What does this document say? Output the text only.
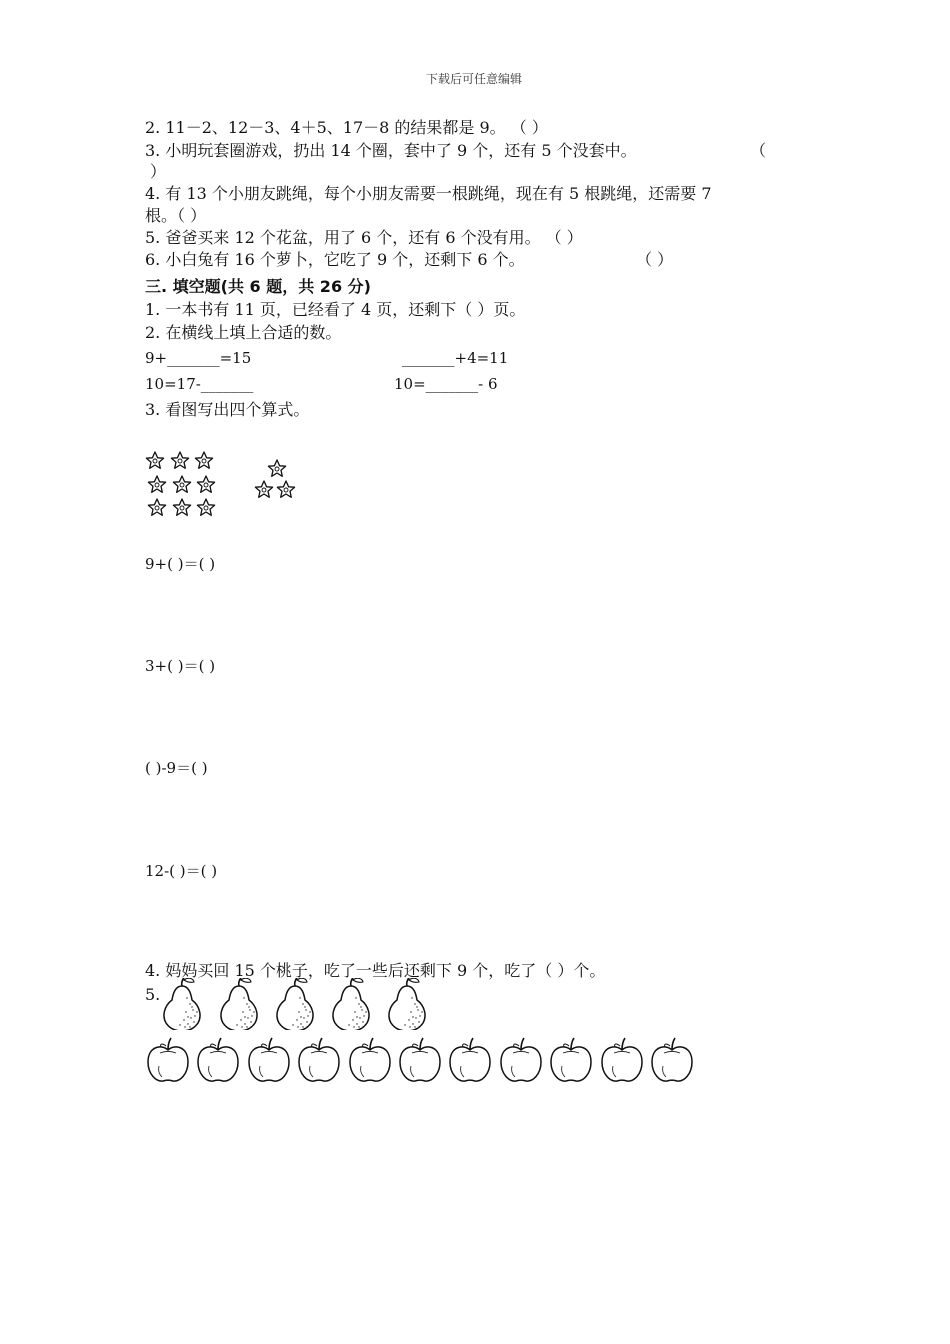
下载后可任意编辑
2. 11－2、12－3、4＋5、17－8 的结果都是 9。 （ ）
3. 小明玩套圈游戏，扔出 14 个圈，套中了 9 个，还有 5 个没套中。	（
）
4. 有 13 个小朋友跳绳，每个小朋友需要一根跳绳，现在有 5 根跳绳，还需要 7
根。（ ）
5. 爸爸买来 12 个花盆，用了 6 个，还有 6 个没有用。 （ ）
6. 小白兔有 16 个萝卜，它吃了 9 个，还剩下 6 个。	（ ）
三. 填空题(共 6 题，共 26 分)
1. 一本书有 11 页，已经看了 4 页，还剩下（ ）页。
2. 在横线上填上合适的数。
9+_______=15	_______+4=11
10=17-_______	10=_______- 6
3. 看图写出四个算式。
9+( )＝( )
3+( )＝( )
( )-9＝( )
12-( )＝( )
4. 妈妈买回 15 个桃子，吃了一些后还剩下 9 个，吃了（ ）个。
5.
